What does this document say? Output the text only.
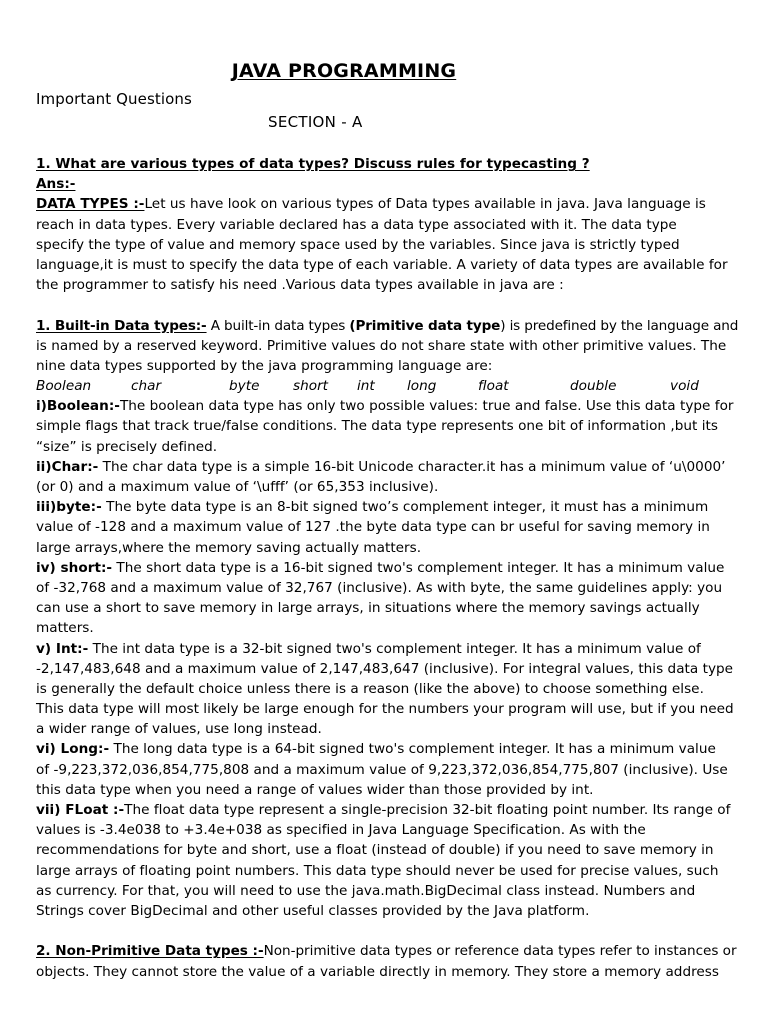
JAVA PROGRAMMING
Important Questions
SECTION - A
1. What are various types of data types? Discuss rules for typecasting ?
Ans:-
DATA TYPES :-Let us have look on various types of Data types available in java. Java language is
reach in data types. Every variable declared has a data type associated with it. The data type
specify the type of value and memory space used by the variables. Since java is strictly typed
language,it is must to specify the data type of each variable. A variety of data types are available for
the programmer to satisfy his need .Various data types available in java are :
1. Built-in Data types:- A built-in data types (Primitive data type) is predefined by the language and
is named by a reserved keyword. Primitive values do not share state with other primitive values. The
nine data types supported by the java programming language are:
Boolean	char	byte	short	int	long	float	double	void
i)Boolean:-The boolean data type has only two possible values: true and false. Use this data type for
simple flags that track true/false conditions. The data type represents one bit of information ,but its
“size” is precisely defined.
ii)Char:- The char data type is a simple 16-bit Unicode character.it has a minimum value of ‘u\0000’
(or 0) and a maximum value of ‘\ufff’ (or 65,353 inclusive).
iii)byte:- The byte data type is an 8-bit signed two’s complement integer, it must has a minimum
value of -128 and a maximum value of 127 .the byte data type can br useful for saving memory in
large arrays,where the memory saving actually matters.
iv) short:- The short data type is a 16-bit signed two's complement integer. It has a minimum value
of -32,768 and a maximum value of 32,767 (inclusive). As with byte, the same guidelines apply: you
can use a short to save memory in large arrays, in situations where the memory savings actually
matters.
v) Int:- The int data type is a 32-bit signed two's complement integer. It has a minimum value of
-2,147,483,648 and a maximum value of 2,147,483,647 (inclusive). For integral values, this data type
is generally the default choice unless there is a reason (like the above) to choose something else.
This data type will most likely be large enough for the numbers your program will use, but if you need
a wider range of values, use long instead.
vi) Long:- The long data type is a 64-bit signed two's complement integer. It has a minimum value
of -9,223,372,036,854,775,808 and a maximum value of 9,223,372,036,854,775,807 (inclusive). Use
this data type when you need a range of values wider than those provided by int.
vii) FLoat :-The float data type represent a single-precision 32-bit floating point number. Its range of
values is -3.4e038 to +3.4e+038 as specified in Java Language Specification. As with the
recommendations for byte and short, use a float (instead of double) if you need to save memory in
large arrays of floating point numbers. This data type should never be used for precise values, such
as currency. For that, you will need to use the java.math.BigDecimal class instead. Numbers and
Strings cover BigDecimal and other useful classes provided by the Java platform.
2. Non-Primitive Data types :-Non-primitive data types or reference data types refer to instances or
objects. They cannot store the value of a variable directly in memory. They store a memory address
